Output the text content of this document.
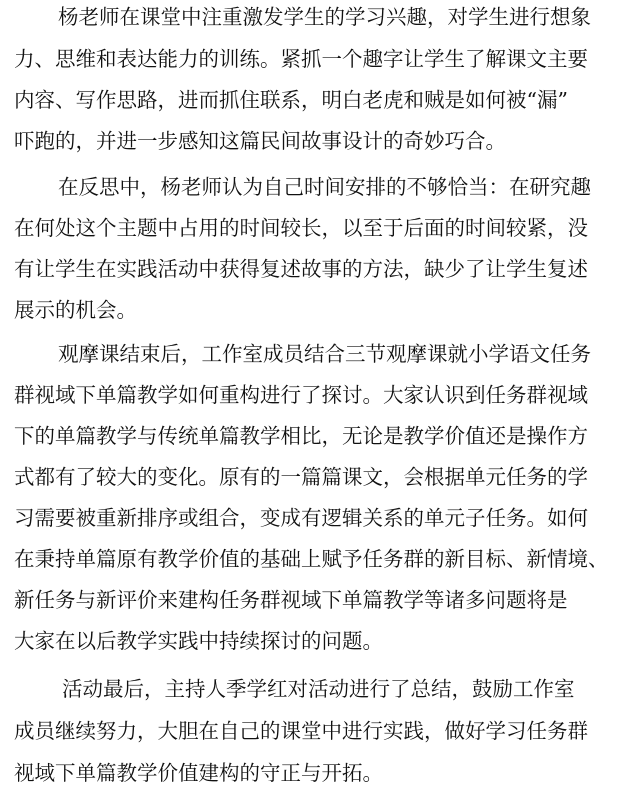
杨老师在课堂中注重激发学生的学习兴趣，对学生进行想象
力、思维和表达能力的训练。紧抓一个趣字让学生了解课文主要
内容、写作思路，进而抓住联系，明白老虎和贼是如何被“漏”
吓跑的，并进一步感知这篇民间故事设计的奇妙巧合。
在反思中，杨老师认为自己时间安排的不够恰当：在研究趣
在何处这个主题中占用的时间较长，以至于后面的时间较紧，没
有让学生在实践活动中获得复述故事的方法，缺少了让学生复述
展示的机会。
观摩课结束后，工作室成员结合三节观摩课就小学语文任务
群视域下单篇教学如何重构进行了探讨。大家认识到任务群视域
下的单篇教学与传统单篇教学相比，无论是教学价值还是操作方
式都有了较大的变化。原有的一篇篇课文，会根据单元任务的学
习需要被重新排序或组合，变成有逻辑关系的单元子任务。如何
在秉持单篇原有教学价值的基础上赋予任务群的新目标、新情境、
新任务与新评价来建构任务群视域下单篇教学等诸多问题将是
大家在以后教学实践中持续探讨的问题。
活动最后，主持人季学红对活动进行了总结，鼓励工作室
成员继续努力，大胆在自己的课堂中进行实践，做好学习任务群
视域下单篇教学价值建构的守正与开拓。
